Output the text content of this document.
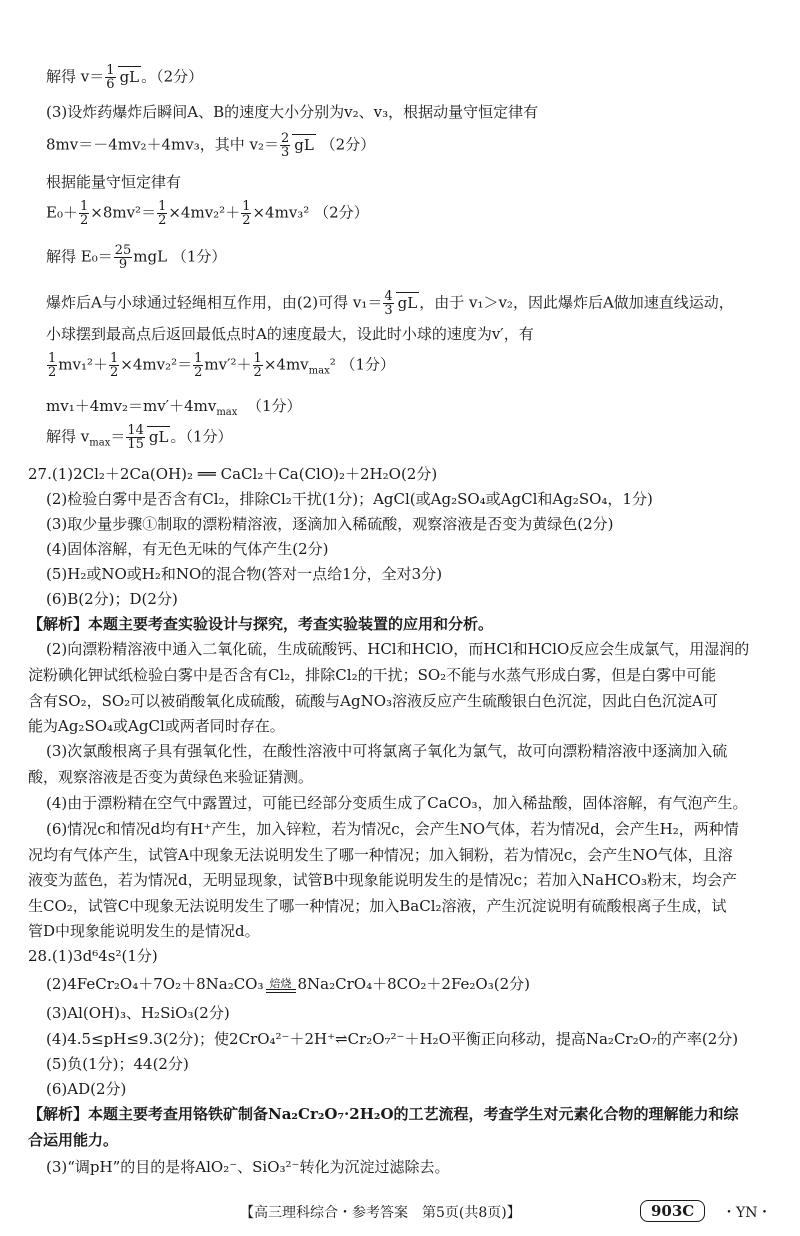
解得 $v= \frac{1}{6}$ gL 。（2分）
(3)设炸药爆炸后瞬间A、B的速度大小分别为v₂、v₃，根据动量守恒定律有
8mv＝－4mv₂＋4mv₃，其中 $v_2= \frac{2}{3}$ gL （2分）
根据能量守恒定律有
$E_0+ \frac{1}{2} \times 8mv^2= \frac{1}{2} \times 4mv_2^2+ \frac{1}{2} \times 4mv_3^2$ （2分）
解得 $E_0= \frac{25}{9}$ mgL （1分）
爆炸后A与小球通过轻绳相互作用，由(2)可得 $v_1= \frac{4}{3}$ gL ，由于 v₁＞v₂，因此爆炸后A做加速直线运动，
小球摆到最高点后返回最低点时A的速度最大，设此时小球的速度为v′，有
$\frac{1}{2} mv_1^2+ \frac{1}{2} \times 4mv_2^2= \frac{1}{2} mv'^2+ \frac{1}{2} \times 4mv_{max}^2$ （1分）
$mv_1+4mv_2=mv'+4mv_{max}$ （1分）
解得 $v_{max}= \frac{14}{15}$ gL 。（1分）
27.(1)2Cl₂＋2Ca(OH)₂ ══ CaCl₂＋Ca(ClO)₂＋2H₂O(2分)
(2)检验白雾中是否含有Cl₂，排除Cl₂干扰(1分)；AgCl(或Ag₂SO₄或AgCl和Ag₂SO₄，1分)
(3)取少量步骤①制取的漂粉精溶液，逐滴加入稀硫酸，观察溶液是否变为黄绿色(2分)
(4)固体溶解，有无色无味的气体产生(2分)
(5)H₂或NO或H₂和NO的混合物(答对一点给1分，全对3分)
(6)B(2分)；D(2分)
【解析】本题主要考查实验设计与探究，考查实验装置的应用和分析。
(2)向漂粉精溶液中通入二氧化硫，生成硫酸钙、HCl和HClO，而HCl和HClO反应会生成氯气，用湿润的
淀粉碘化钾试纸检验白雾中是否含有Cl₂，排除Cl₂的干扰；SO₂不能与水蒸气形成白雾，但是白雾中可能
含有SO₂，SO₂可以被硝酸氧化成硫酸，硫酸与AgNO₃溶液反应产生硫酸银白色沉淀，因此白色沉淀A可
能为Ag₂SO₄或AgCl或两者同时存在。
(3)次氯酸根离子具有强氧化性，在酸性溶液中可将氯离子氧化为氯气，故可向漂粉精溶液中逐滴加入硫
酸，观察溶液是否变为黄绿色来验证猜测。
(4)由于漂粉精在空气中露置过，可能已经部分变质生成了CaCO₃，加入稀盐酸，固体溶解，有气泡产生。
(6)情况c和情况d均有H⁺产生，加入锌粒，若为情况c，会产生NO气体，若为情况d，会产生H₂，两种情
况均有气体产生，试管A中现象无法说明发生了哪一种情况；加入铜粉，若为情况c，会产生NO气体，且溶
液变为蓝色，若为情况d，无明显现象，试管B中现象能说明发生的是情况c；若加入NaHCO₃粉末，均会产
生CO₂，试管C中现象无法说明发生了哪一种情况；加入BaCl₂溶液，产生沉淀说明有硫酸根离子生成，试
管D中现象能说明发生的是情况d。
28.(1)3d⁶4s²(1分)
(2)4FeCr₂O₄＋7O₂＋8Na₂CO₃ 焙烧 8Na₂CrO₄＋8CO₂＋2Fe₂O₃(2分)
(3)Al(OH)₃、H₂SiO₃(2分)
(4)4.5≤pH≤9.3(2分)；使2CrO₄²⁻＋2H⁺⇌Cr₂O₇²⁻＋H₂O平衡正向移动，提高Na₂Cr₂O₇的产率(2分)
(5)负(1分)；44(2分)
(6)AD(2分)
【解析】本题主要考查用铬铁矿制备Na₂Cr₂O₇·2H₂O的工艺流程，考查学生对元素化合物的理解能力和综
合运用能力。
(3)“调pH”的目的是将AlO₂⁻、SiO₃²⁻转化为沉淀过滤除去。
【高三理科综合・参考答案　第5页(共8页)】	903C	・YN・
